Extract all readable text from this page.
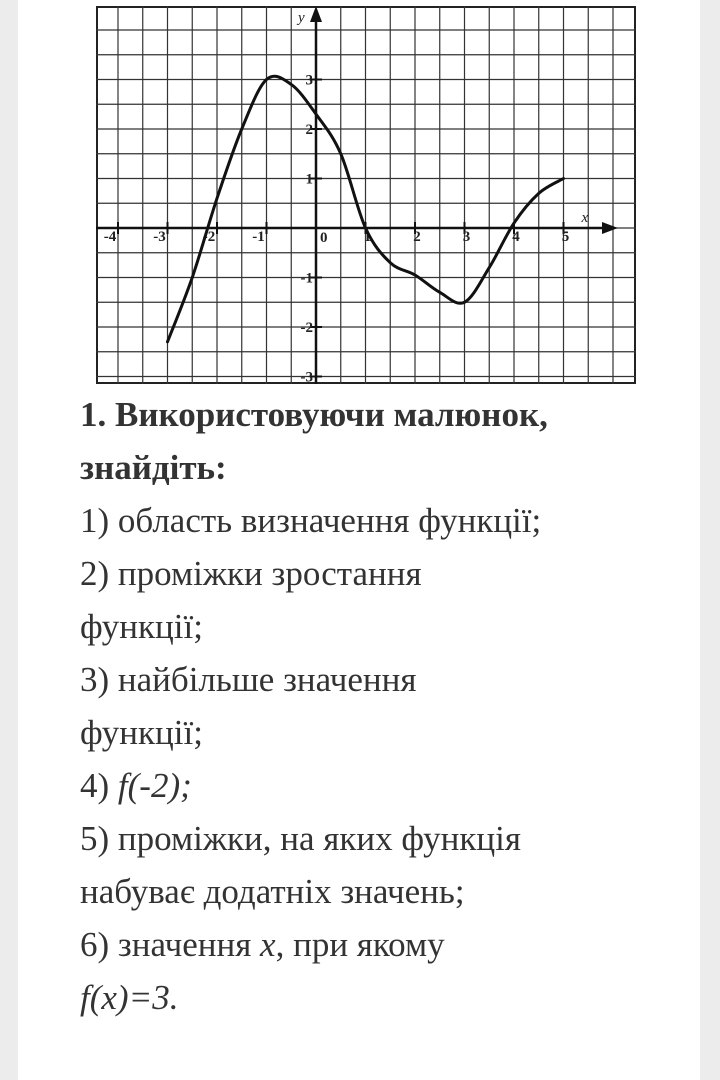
-4 -3 -2 -1	1	2	3	4	5
3
2
1
-1
-2
-3
0
x
y
1. Використовуючи малюнок,
знайдіть:
1) область визначення функції;
2) проміжки зростання
функції;
3) найбільше значення
функції;
4) f(-2);
5) проміжки, на яких функція
набуває додатніх значень;
6) значення x, при якому
f(x)=3.
